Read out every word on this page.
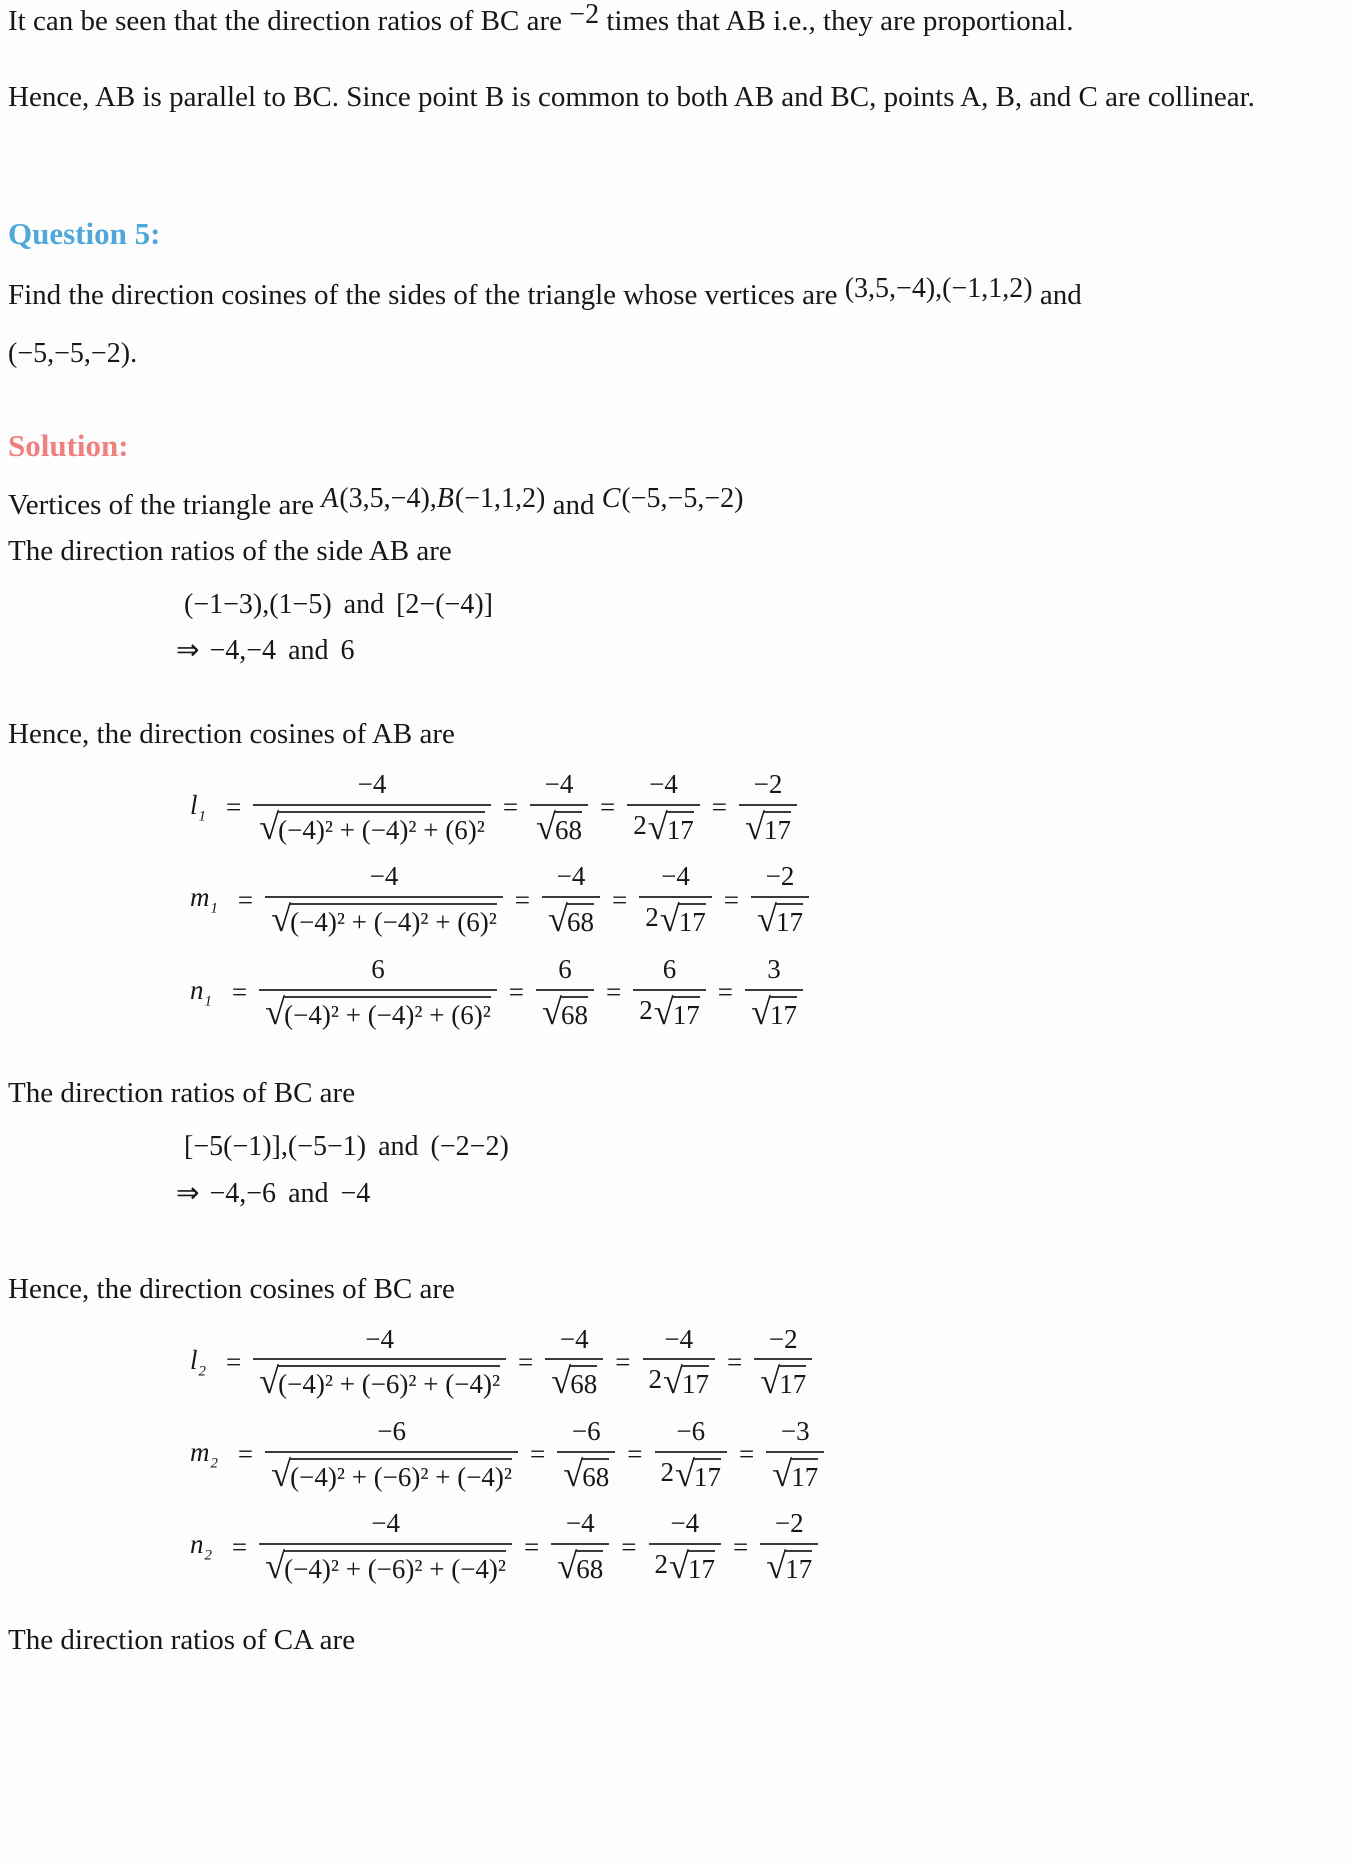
It can be seen that the direction ratios of BC are −2 times that AB i.e., they are proportional.

Hence, AB is parallel to BC. Since point B is common to both AB and BC, points A, B, and C are collinear.

Question 5:

Find the direction cosines of the sides of the triangle whose vertices are (3,5,−4),(−1,1,2) and

(−5,−5,−2).

Solution:

Vertices of the triangle are A(3,5,−4),B(−1,1,2) and C(−5,−5,−2)

The direction ratios of the side AB are

(−1−3),(1−5) and [2−(−4)]

⇒ −4,−4 and 6

Hence, the direction cosines of AB are

$l_1 = \frac{-4}{\text{√ (−4)² + (−4)² + (6)²}} = \frac{-4}{√ 68} = \frac{-4}{2 √ 17} = \frac{-2}{√ 17}$
$m_1 = \frac{-4}{\text{√ (−4)² + (−4)² + (6)²}} = \frac{-4}{√ 68} = \frac{-4}{2 √ 17} = \frac{-2}{√ 17}$
$n_1 = \frac{6}{\text{√ (−4)² + (−4)² + (6)²}} = \frac{6}{√ 68} = \frac{6}{2 √ 17} = \frac{3}{√ 17}$

The direction ratios of BC are

[−5(−1)],(−5−1) and (−2−2)

⇒ −4,−6 and −4

Hence, the direction cosines of BC are

$l_2 = \frac{-4}{\text{√ (−4)² + (−6)² + (−4)²}} = \frac{-4}{√ 68} = \frac{-4}{2 √ 17} = \frac{-2}{√ 17}$
$m_2 = \frac{-6}{\text{√ (−4)² + (−6)² + (−4)²}} = \frac{-6}{√ 68} = \frac{-6}{2 √ 17} = \frac{-3}{√ 17}$
$n_2 = \frac{-4}{\text{√ (−4)² + (−6)² + (−4)²}} = \frac{-4}{√ 68} = \frac{-4}{2 √ 17} = \frac{-2}{√ 17}$

The direction ratios of CA are
